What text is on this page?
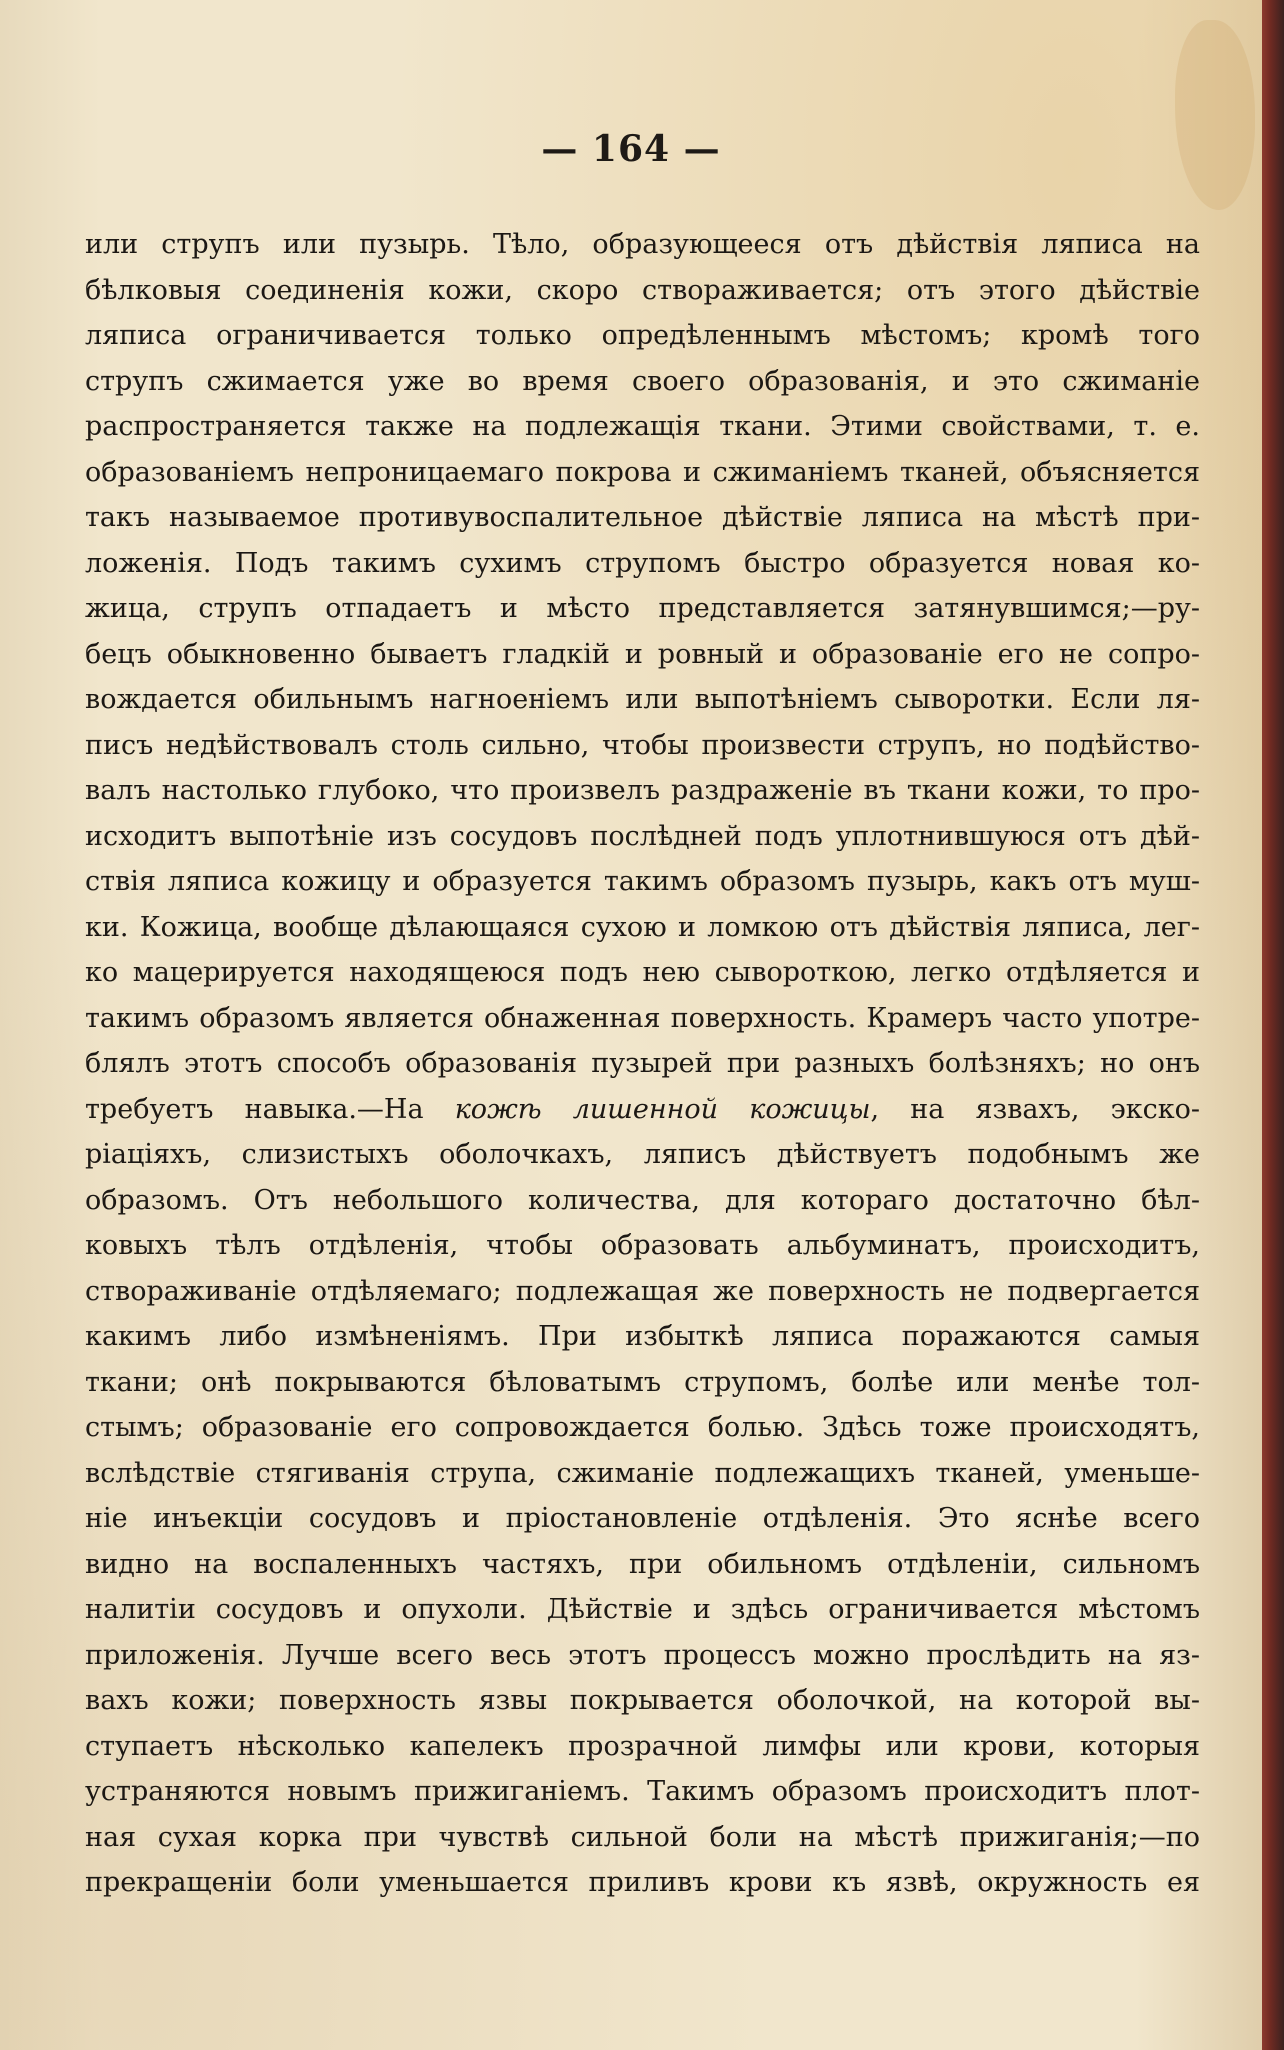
— 164 —
или струпъ или пузырь. Тѣло, образующееся отъ дѣйствія ляписа на
бѣлковыя соединенія кожи, скоро створаживается; отъ этого дѣйствіе
ляписа ограничивается только опредѣленнымъ мѣстомъ; кромѣ того
струпъ сжимается уже во время своего образованія, и это сжиманіе
распространяется также на подлежащія ткани. Этими свойствами, т. е.
образованіемъ непроницаемаго покрова и сжиманіемъ тканей, объясняется
такъ называемое противувоспалительное дѣйствіе ляписа на мѣстѣ при-
ложенія. Подъ такимъ сухимъ струпомъ быстро образуется новая ко-
жица, струпъ отпадаетъ и мѣсто представляется затянувшимся;—ру-
бецъ обыкновенно бываетъ гладкій и ровный и образованіе его не сопро-
вождается обильнымъ нагноеніемъ или выпотѣніемъ сыворотки. Если ля-
писъ недѣйствовалъ столь сильно, чтобы произвести струпъ, но подѣйство-
валъ настолько глубоко, что произвелъ раздраженіе въ ткани кожи, то про-
исходитъ выпотѣніе изъ сосудовъ послѣдней подъ уплотнившуюся отъ дѣй-
ствія ляписа кожицу и образуется такимъ образомъ пузырь, какъ отъ муш-
ки. Кожица, вообще дѣлающаяся сухою и ломкою отъ дѣйствія ляписа, лег-
ко мацерируется находящеюся подъ нею сывороткою, легко отдѣляется и
такимъ образомъ является обнаженная поверхность. Крамеръ часто употре-
блялъ этотъ способъ образованія пузырей при разныхъ болѣзняхъ; но онъ
требуетъ навыка.—На кожѣ лишенной кожицы, на язвахъ, экско-
ріаціяхъ, слизистыхъ оболочкахъ, ляписъ дѣйствуетъ подобнымъ же
образомъ. Отъ небольшого количества, для котораго достаточно бѣл-
ковыхъ тѣлъ отдѣленія, чтобы образовать альбуминатъ, происходитъ,
створаживаніе отдѣляемаго; подлежащая же поверхность не подвергается
какимъ либо измѣненіямъ. При избыткѣ ляписа поражаются самыя
ткани; онѣ покрываются бѣловатымъ струпомъ, болѣе или менѣе тол-
стымъ; образованіе его сопровождается болью. Здѣсь тоже происходятъ,
вслѣдствіе стягиванія струпа, сжиманіе подлежащихъ тканей, уменьше-
ніе инъекціи сосудовъ и пріостановленіе отдѣленія. Это яснѣе всего
видно на воспаленныхъ частяхъ, при обильномъ отдѣленіи, сильномъ
налитіи сосудовъ и опухоли. Дѣйствіе и здѣсь ограничивается мѣстомъ
приложенія. Лучше всего весь этотъ процессъ можно прослѣдить на яз-
вахъ кожи; поверхность язвы покрывается оболочкой, на которой вы-
ступаетъ нѣсколько капелекъ прозрачной лимфы или крови, которыя
устраняются новымъ прижиганіемъ. Такимъ образомъ происходитъ плот-
ная сухая корка при чувствѣ сильной боли на мѣстѣ прижиганія;—по
прекращеніи боли уменьшается приливъ крови къ язвѣ, окружность ея
